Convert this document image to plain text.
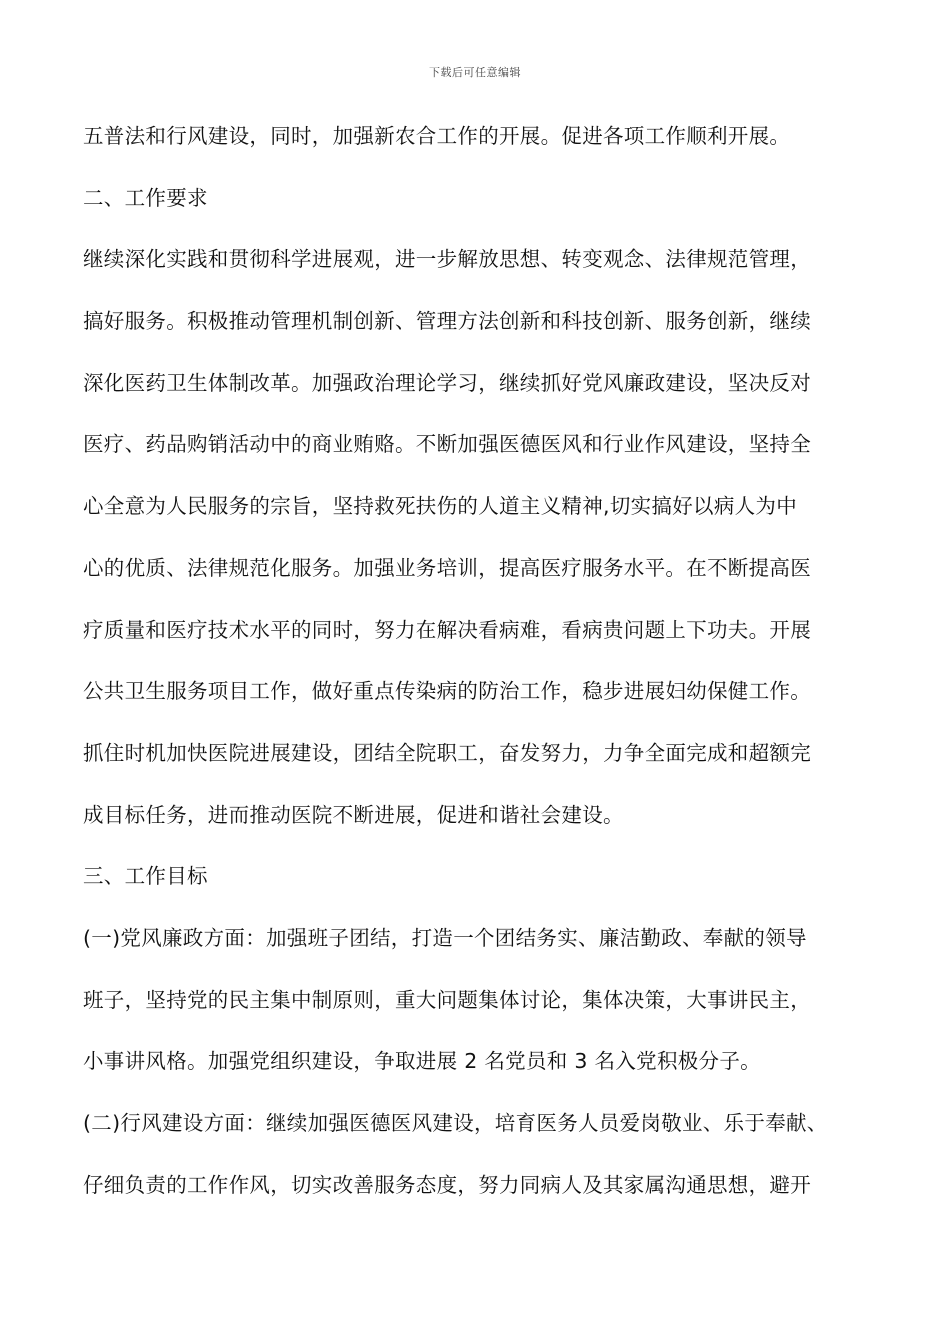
下载后可任意编辑
五普法和行风建设，同时，加强新农合工作的开展。促进各项工作顺利开展。
二、工作要求
继续深化实践和贯彻科学进展观，进一步解放思想、转变观念、法律规范管理，
搞好服务。积极推动管理机制创新、管理方法创新和科技创新、服务创新，继续
深化医药卫生体制改革。加强政治理论学习，继续抓好党风廉政建设，坚决反对
医疗、药品购销活动中的商业贿赂。不断加强医德医风和行业作风建设，坚持全
心全意为人民服务的宗旨，坚持救死扶伤的人道主义精神,切实搞好以病人为中
心的优质、法律规范化服务。加强业务培训，提高医疗服务水平。在不断提高医
疗质量和医疗技术水平的同时，努力在解决看病难，看病贵问题上下功夫。开展
公共卫生服务项目工作，做好重点传染病的防治工作，稳步进展妇幼保健工作。
抓住时机加快医院进展建设，团结全院职工，奋发努力，力争全面完成和超额完
成目标任务，进而推动医院不断进展，促进和谐社会建设。
三、工作目标
(一)党风廉政方面：加强班子团结，打造一个团结务实、廉洁勤政、奉献的领导
班子，坚持党的民主集中制原则，重大问题集体讨论，集体决策，大事讲民主，
小事讲风格。加强党组织建设，争取进展 2 名党员和 3 名入党积极分子。
(二)行风建设方面：继续加强医德医风建设，培育医务人员爱岗敬业、乐于奉献、
仔细负责的工作作风，切实改善服务态度，努力同病人及其家属沟通思想，避开
